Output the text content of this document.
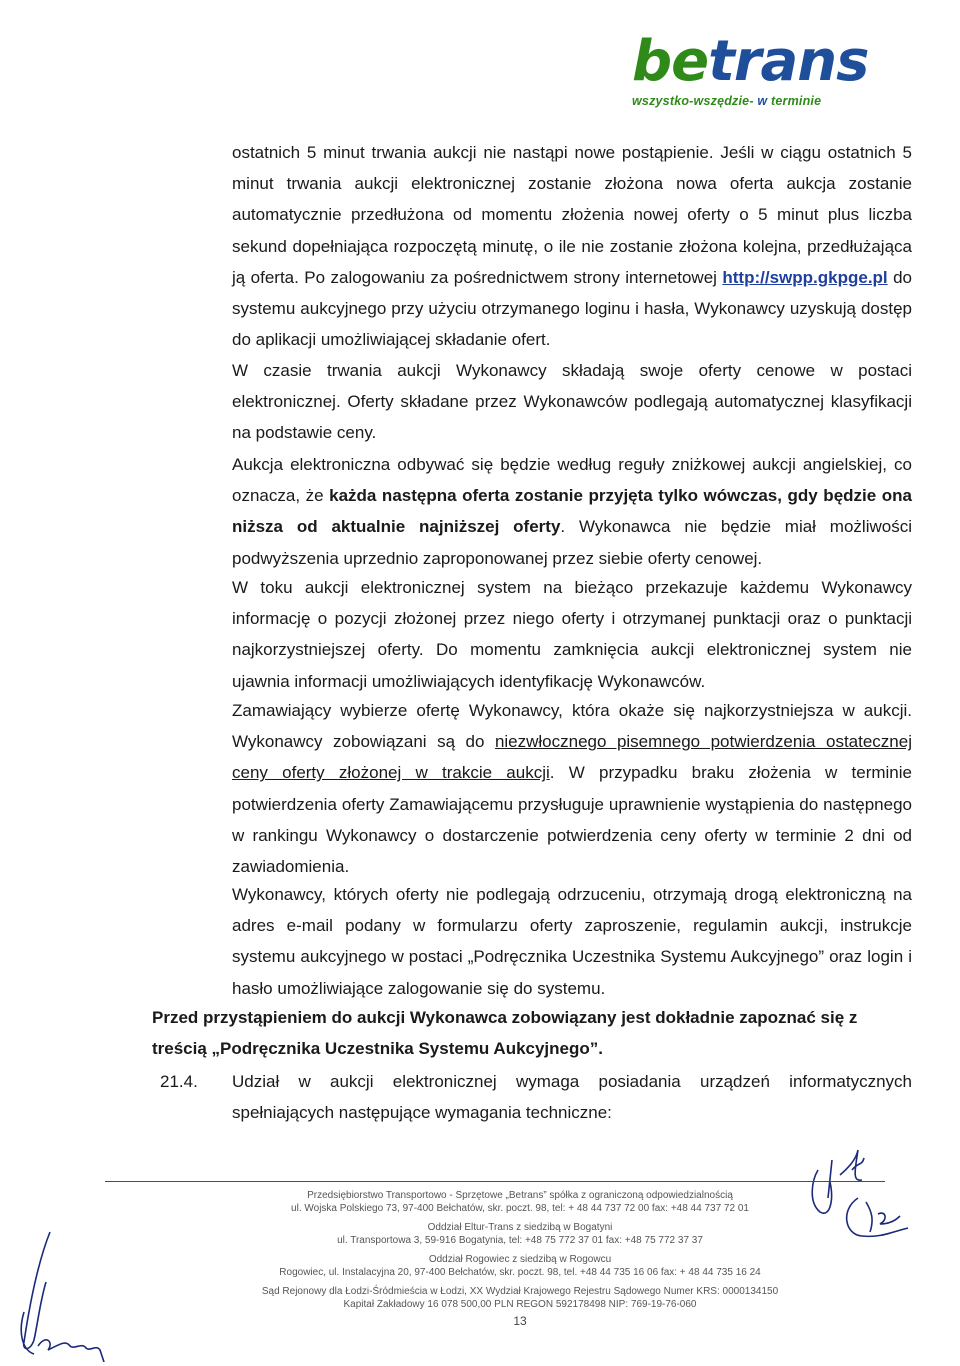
betrans
wszystko-wszędzie- w terminie

ostatnich 5 minut trwania aukcji nie nastąpi nowe postąpienie. Jeśli w ciągu ostatnich 5 minut trwania aukcji elektronicznej zostanie złożona nowa oferta aukcja zostanie automatycznie przedłużona od momentu złożenia nowej oferty o 5 minut plus liczba sekund dopełniająca rozpoczętą minutę, o ile nie zostanie złożona kolejna, przedłużająca ją oferta. Po zalogowaniu za pośrednictwem strony internetowej http://swpp.gkpge.pl do systemu aukcyjnego przy użyciu otrzymanego loginu i hasła, Wykonawcy uzyskują dostęp do aplikacji umożliwiającej składanie ofert.

W czasie trwania aukcji Wykonawcy składają swoje oferty cenowe w postaci elektronicznej. Oferty składane przez Wykonawców podlegają automatycznej klasyfikacji na podstawie ceny.

Aukcja elektroniczna odbywać się będzie według reguły zniżkowej aukcji angielskiej, co oznacza, że każda następna oferta zostanie przyjęta tylko wówczas, gdy będzie ona niższa od aktualnie najniższej oferty. Wykonawca nie będzie miał możliwości podwyższenia uprzednio zaproponowanej przez siebie oferty cenowej.

W toku aukcji elektronicznej system na bieżąco przekazuje każdemu Wykonawcy informację o pozycji złożonej przez niego oferty i otrzymanej punktacji oraz o punktacji najkorzystniejszej oferty. Do momentu zamknięcia aukcji elektronicznej system nie ujawnia informacji umożliwiających identyfikację Wykonawców.

Zamawiający wybierze ofertę Wykonawcy, która okaże się najkorzystniejsza w aukcji. Wykonawcy zobowiązani są do niezwłocznego pisemnego potwierdzenia ostatecznej ceny oferty złożonej w trakcie aukcji. W przypadku braku złożenia w terminie potwierdzenia oferty Zamawiającemu przysługuje uprawnienie wystąpienia do następnego w rankingu Wykonawcy o dostarczenie potwierdzenia ceny oferty w terminie 2 dni od zawiadomienia.

Wykonawcy, których oferty nie podlegają odrzuceniu, otrzymają drogą elektroniczną na adres e-mail podany w formularzu oferty zaproszenie, regulamin aukcji, instrukcje systemu aukcyjnego w postaci „Podręcznika Uczestnika Systemu Aukcyjnego” oraz login i hasło umożliwiające zalogowanie się do systemu.

Przed przystąpieniem do aukcji Wykonawca zobowiązany jest dokładnie zapoznać się z treścią „Podręcznika Uczestnika Systemu Aukcyjnego”.

21.4. Udział w aukcji elektronicznej wymaga posiadania urządzeń informatycznych spełniających następujące wymagania techniczne:
Przedsiębiorstwo Transportowo - Sprzętowe „Betrans” spółka z ograniczoną odpowiedzialnością
ul. Wojska Polskiego 73, 97-400 Bełchatów, skr. poczt. 98, tel: + 48 44 737 72 00 fax: +48 44 737 72 01
Oddział Eltur-Trans z siedzibą w Bogatyni
ul. Transportowa 3, 59-916 Bogatynia, tel: +48 75 772 37 01 fax: +48 75 772 37 37
Oddział Rogowiec z siedzibą w Rogowcu
Rogowiec, ul. Instalacyjna 20, 97-400 Bełchatów, skr. poczt. 98, tel. +48 44 735 16 06 fax: + 48 44 735 16 24
Sąd Rejonowy dla Łodzi-Śródmieścia w Łodzi, XX Wydział Krajowego Rejestru Sądowego Numer KRS: 0000134150
Kapitał Zakładowy 16 078 500,00 PLN REGON 592178498 NIP: 769-19-76-060
13
